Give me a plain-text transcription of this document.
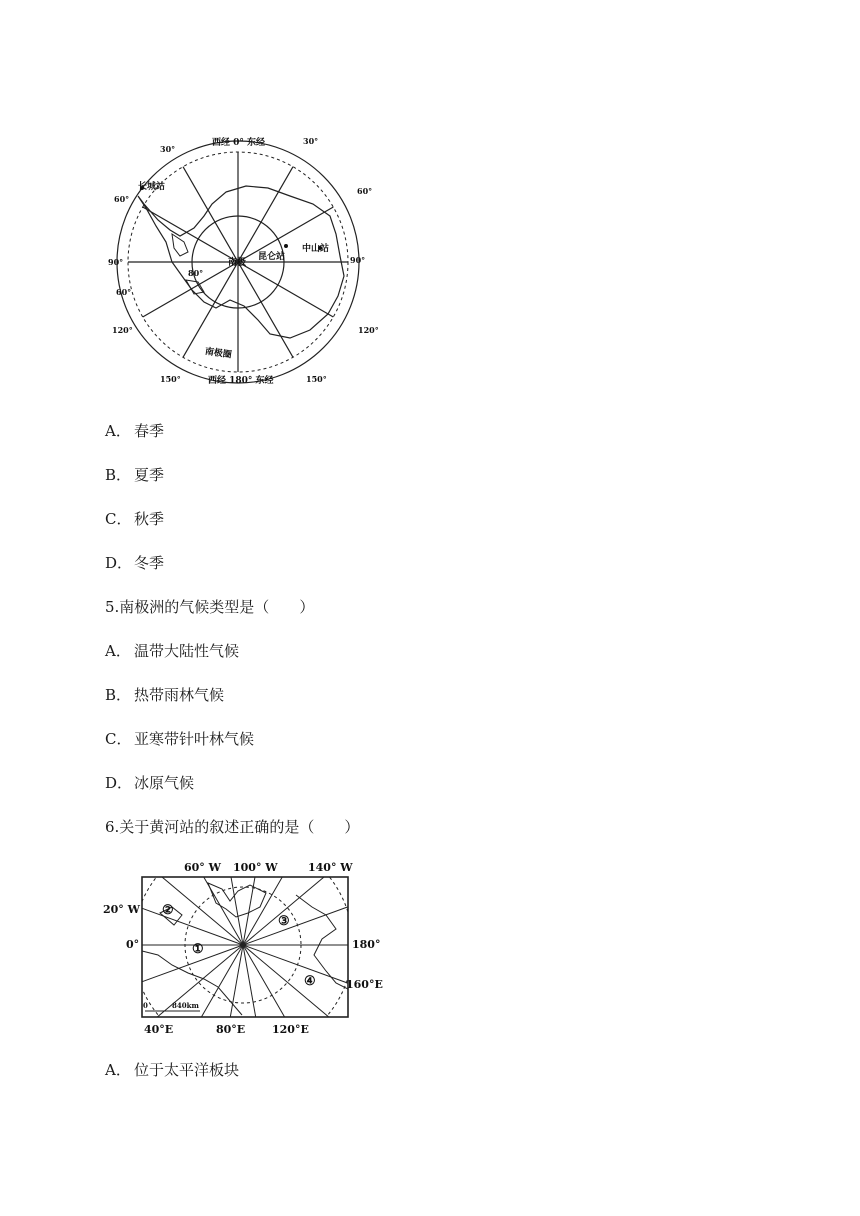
西经 0° 东经
西经 180° 东经
30°
30°
60°
60°
90°	90°
120°	120°
150°	150°
60°
80°
南极
长城站
中山站
昆仑站
南极圈
A． 春季
B． 夏季
C． 秋季
D． 冬季
5.南极洲的气候类型是（　　）
A． 温带大陆性气候
B． 热带雨林气候
C． 亚寒带针叶林气候
D． 冰原气候
6.关于黄河站的叙述正确的是（　　）
0	840km
60° W 100° W	140° W
20° W
0°	180°
160°E
40°E	80°E 120°E
①
②
③
④
A． 位于太平洋板块
